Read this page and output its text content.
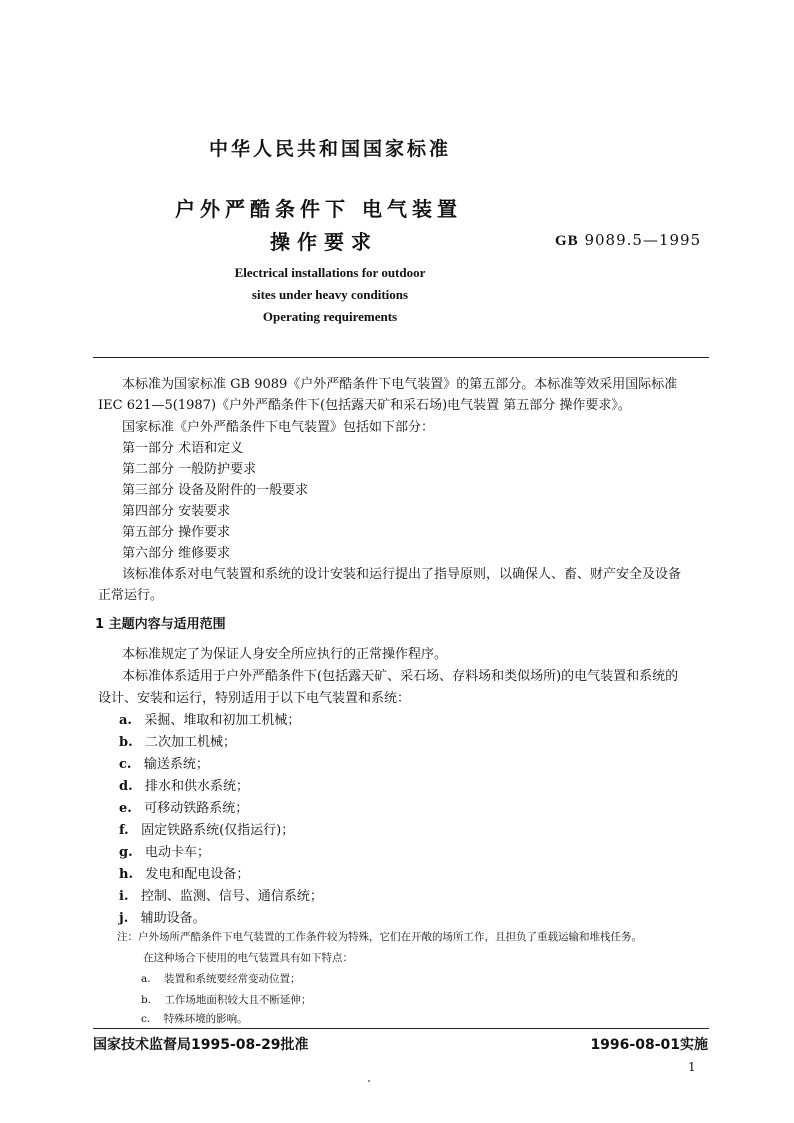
中华人民共和国国家标准
户外严酷条件下 电气装置
操作要求	GB 9089.5—1995
Electrical installations for outdoor
sites under heavy conditions
Operating requirements
本标准为国家标准 GB 9089《户外严酷条件下电气装置》的第五部分。本标准等效采用国际标准
IEC 621—5(1987)《户外严酷条件下(包括露天矿和采石场)电气装置 第五部分 操作要求》。
国家标准《户外严酷条件下电气装置》包括如下部分：
第一部分 术语和定义
第二部分 一般防护要求
第三部分 设备及附件的一般要求
第四部分 安装要求
第五部分 操作要求
第六部分 维修要求
该标准体系对电气装置和系统的设计安装和运行提出了指导原则，以确保人、畜、财产安全及设备
正常运行。
1 主题内容与适用范围
本标准规定了为保证人身安全所应执行的正常操作程序。
本标准体系适用于户外严酷条件下(包括露天矿、采石场、存料场和类似场所)的电气装置和系统的
设计、安装和运行，特别适用于以下电气装置和系统：
a. 采掘、堆取和初加工机械；
b. 二次加工机械；
c. 输送系统；
d. 排水和供水系统；
e. 可移动铁路系统；
f. 固定铁路系统(仅指运行)；
g. 电动卡车；
h. 发电和配电设备；
i. 控制、监测、信号、通信系统；
j. 辅助设备。
注：户外场所严酷条件下电气装置的工作条件较为特殊，它们在开敞的场所工作，且担负了重载运输和堆栈任务。
在这种场合下使用的电气装置具有如下特点：
a. 装置和系统要经常变动位置；
b. 工作场地面积较大且不断延伸；
c. 特殊环境的影响。
国家技术监督局1995-08-29批准	1996-08-01实施
1
